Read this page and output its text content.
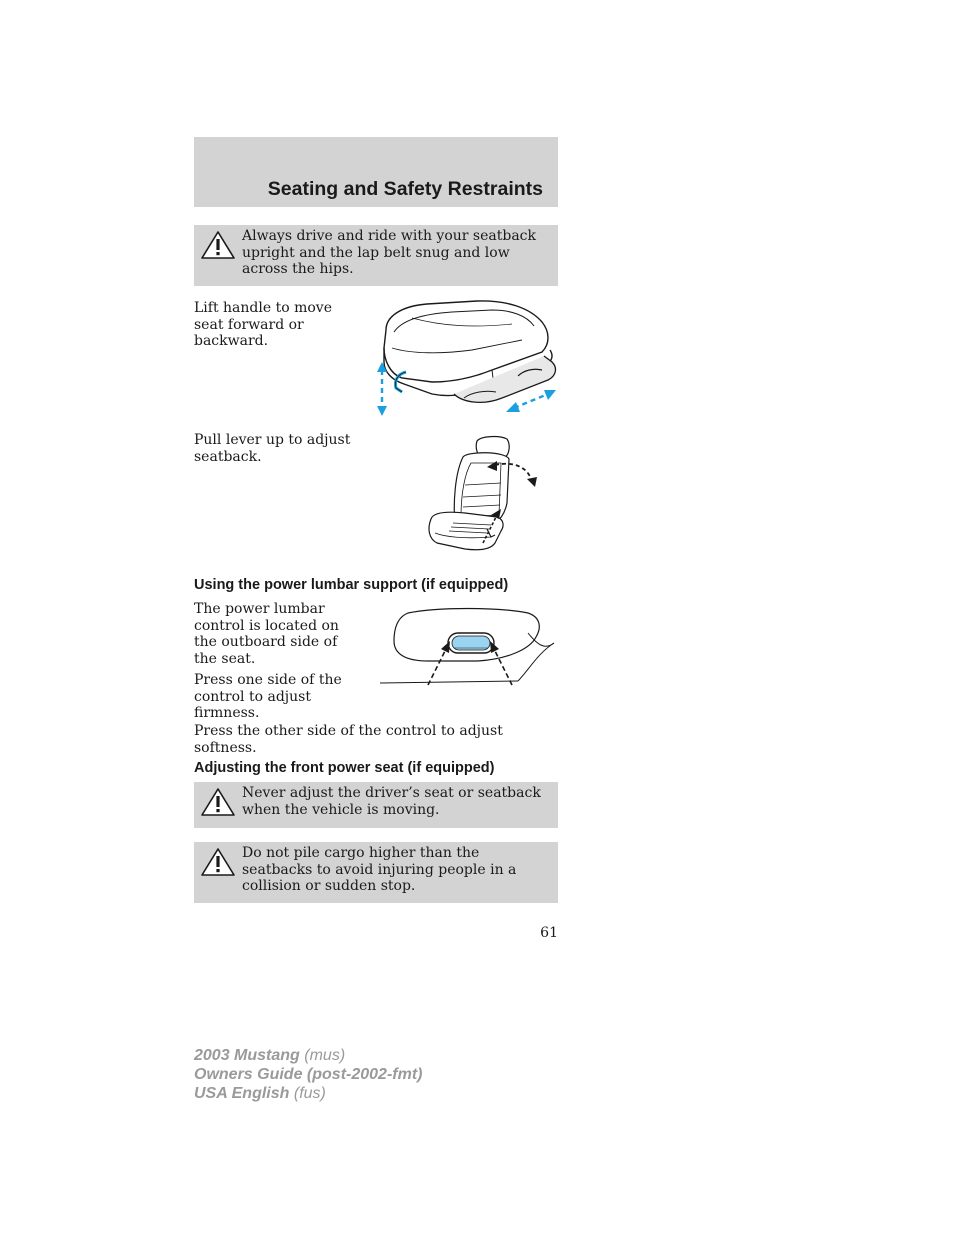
Seating and Safety Restraints
Always drive and ride with your seatback upright and the lap belt snug and low across the hips.
Lift handle to move seat forward or backward.
Pull lever up to adjust seatback.
Using the power lumbar support (if equipped)
The power lumbar control is located on the outboard side of the seat.
Press one side of the control to adjust firmness.
Press the other side of the control to adjust softness.
Adjusting the front power seat (if equipped)
Never adjust the driver’s seat or seatback when the vehicle is moving.
Do not pile cargo higher than the seatbacks to avoid injuring people in a collision or sudden stop.
61
2003 Mustang (mus)
Owners Guide (post-2002-fmt)
USA English (fus)
